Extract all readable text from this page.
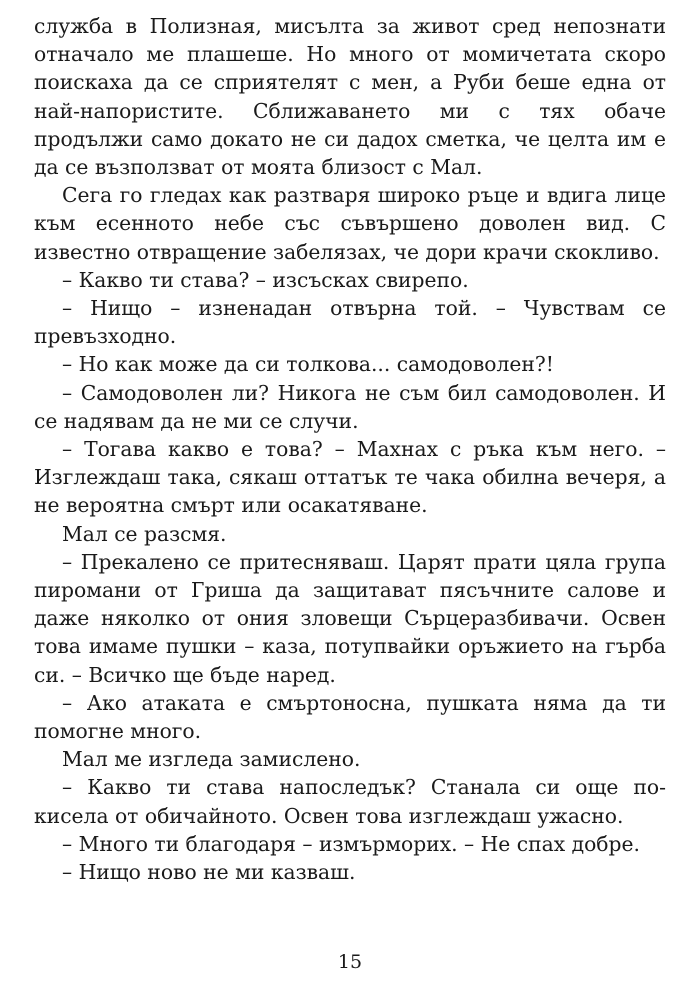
служба в Полизная, мисълта за живот сред непознати отначало ме плашеше. Но много от момичетата скоро поискаха да се сприятелят с мен, а Руби беше една от най-напористите. Сближаването ми с тях обаче продължи само докато не си дадох сметка, че целта им е да се възползват от моята близост с Мал.

Сега го гледах как разтваря широко ръце и вдига лице към есенното небе със съвършено доволен вид. С известно отвращение забелязах, че дори крачи скокливо.

– Какво ти става? – изсъсках свирепо.

– Нищо – изненадан отвърна той. – Чувствам се превъзходно.

– Но как може да си толкова... самодоволен?!

– Самодоволен ли? Никога не съм бил самодоволен. И се надявам да не ми се случи.

– Тогава какво е това? – Махнах с ръка към него. – Изглеждаш така, сякаш оттатък те чака обилна вечеря, а не вероятна смърт или осакатяване.

Мал се разсмя.

– Прекалено се притесняваш. Царят прати цяла група пиромани от Гриша да защитават пясъчните салове и даже няколко от ония зловещи Сърцеразбивачи. Освен това имаме пушки – каза, потупвайки оръжието на гърба си. – Всичко ще бъде наред.

– Ако атаката е смъртоносна, пушката няма да ти помогне много.

Мал ме изгледа замислено.

– Какво ти става напоследък? Станала си още по-кисела от обичайното. Освен това изглеждаш ужасно.

– Много ти благодаря – измърморих. – Не спах добре.

– Нищо ново не ми казваш.

15
